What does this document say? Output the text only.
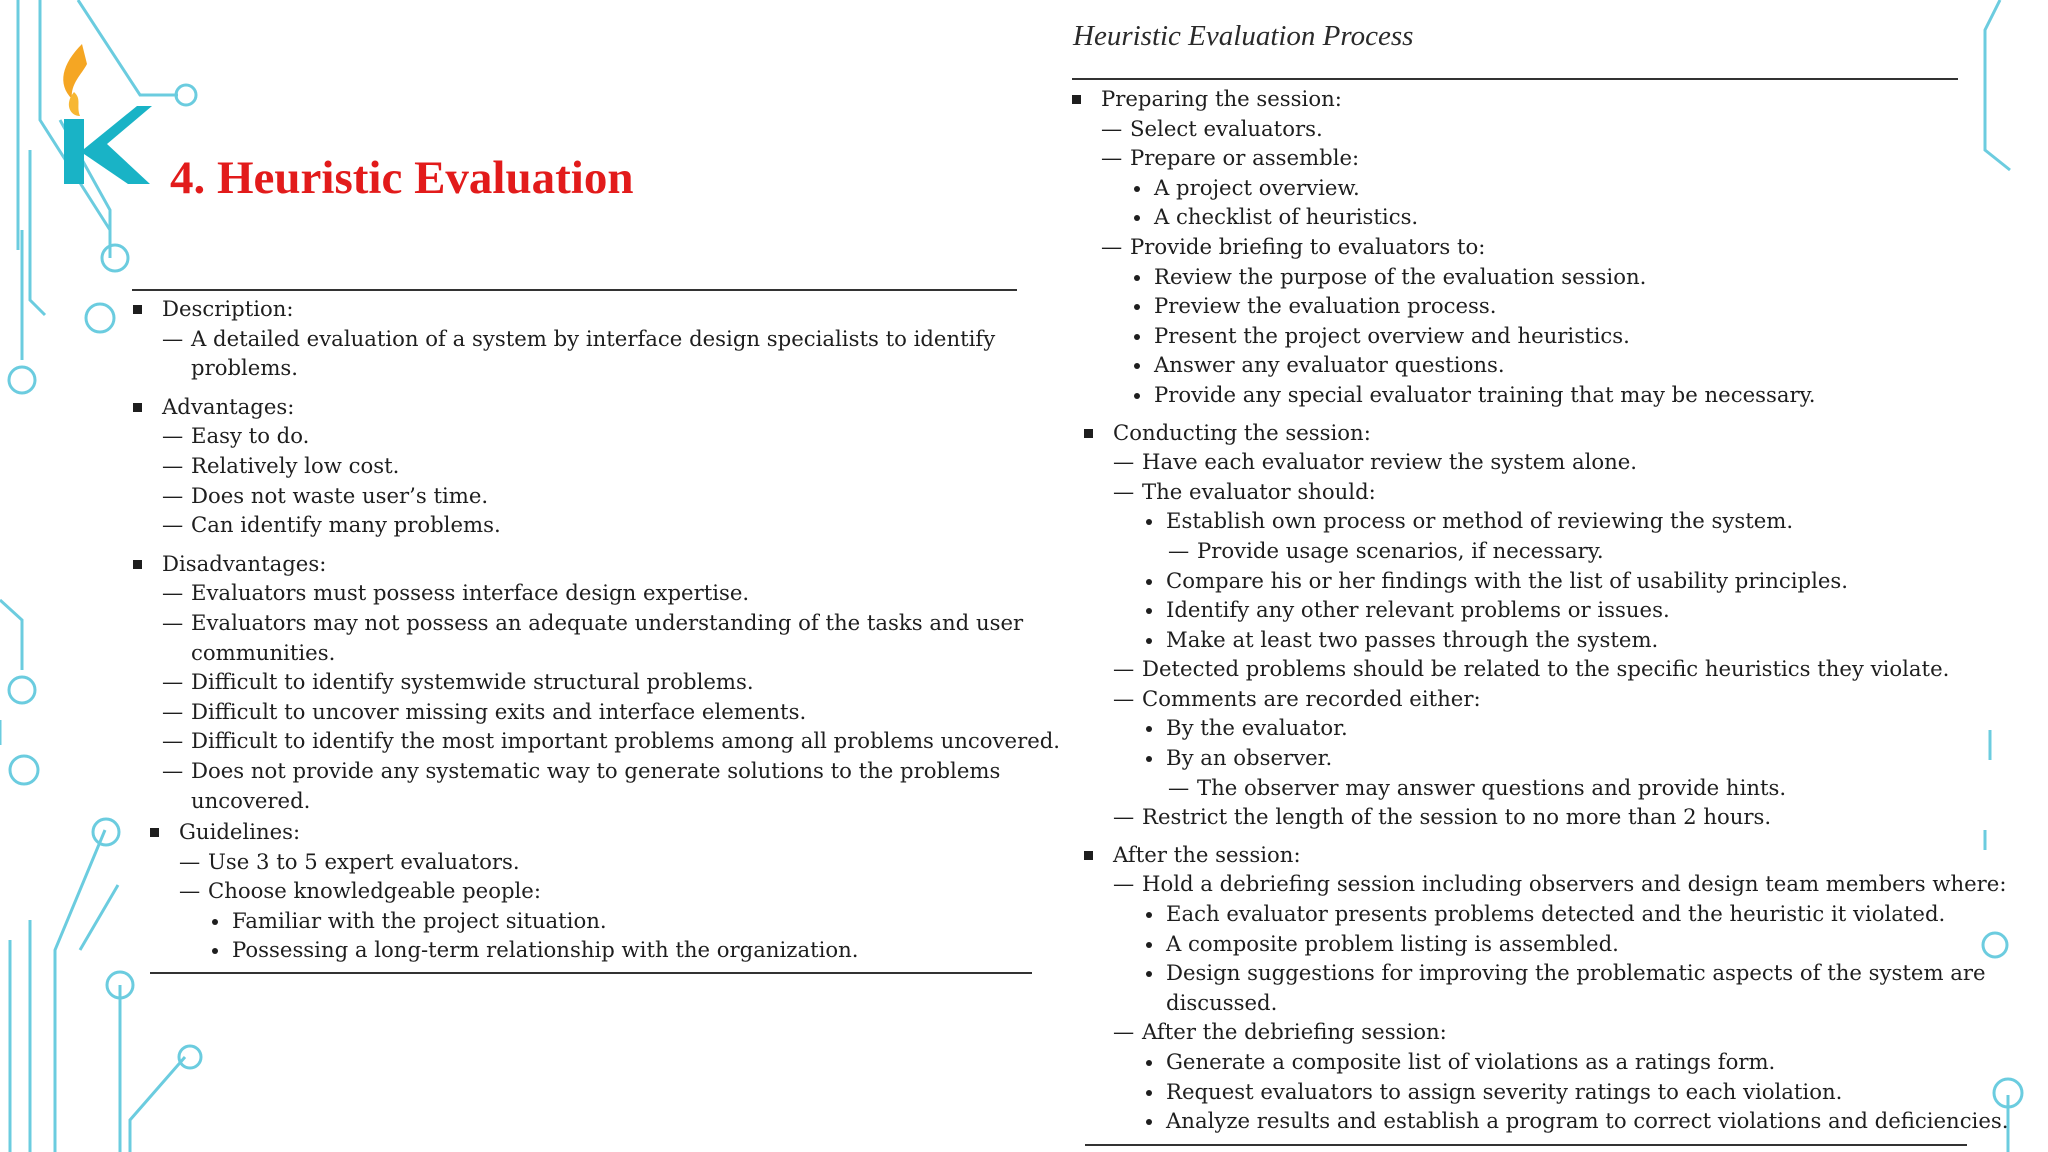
4. Heuristic Evaluation
Description:
— A detailed evaluation of a system by interface design specialists to identify
problems.
Advantages:
— Easy to do.
— Relatively low cost.
— Does not waste user’s time.
— Can identify many problems.
Disadvantages:
— Evaluators must possess interface design expertise.
— Evaluators may not possess an adequate understanding of the tasks and user
communities.
— Difficult to identify systemwide structural problems.
— Difficult to uncover missing exits and interface elements.
— Difficult to identify the most important problems among all problems uncovered.
— Does not provide any systematic way to generate solutions to the problems
uncovered.
Guidelines:
— Use 3 to 5 expert evaluators.
— Choose knowledgeable people:
Familiar with the project situation.
Possessing a long-term relationship with the organization.
Heuristic Evaluation Process
Preparing the session:
— Select evaluators.
— Prepare or assemble:
A project overview.
A checklist of heuristics.
— Provide briefing to evaluators to:
Review the purpose of the evaluation session.
Preview the evaluation process.
Present the project overview and heuristics.
Answer any evaluator questions.
Provide any special evaluator training that may be necessary.
Conducting the session:
— Have each evaluator review the system alone.
— The evaluator should:
Establish own process or method of reviewing the system.
— Provide usage scenarios, if necessary.
Compare his or her findings with the list of usability principles.
Identify any other relevant problems or issues.
Make at least two passes through the system.
— Detected problems should be related to the specific heuristics they violate.
— Comments are recorded either:
By the evaluator.
By an observer.
— The observer may answer questions and provide hints.
— Restrict the length of the session to no more than 2 hours.
After the session:
— Hold a debriefing session including observers and design team members where:
Each evaluator presents problems detected and the heuristic it violated.
A composite problem listing is assembled.
Design suggestions for improving the problematic aspects of the system are
discussed.
— After the debriefing session:
Generate a composite list of violations as a ratings form.
Request evaluators to assign severity ratings to each violation.
Analyze results and establish a program to correct violations and deficiencies.
